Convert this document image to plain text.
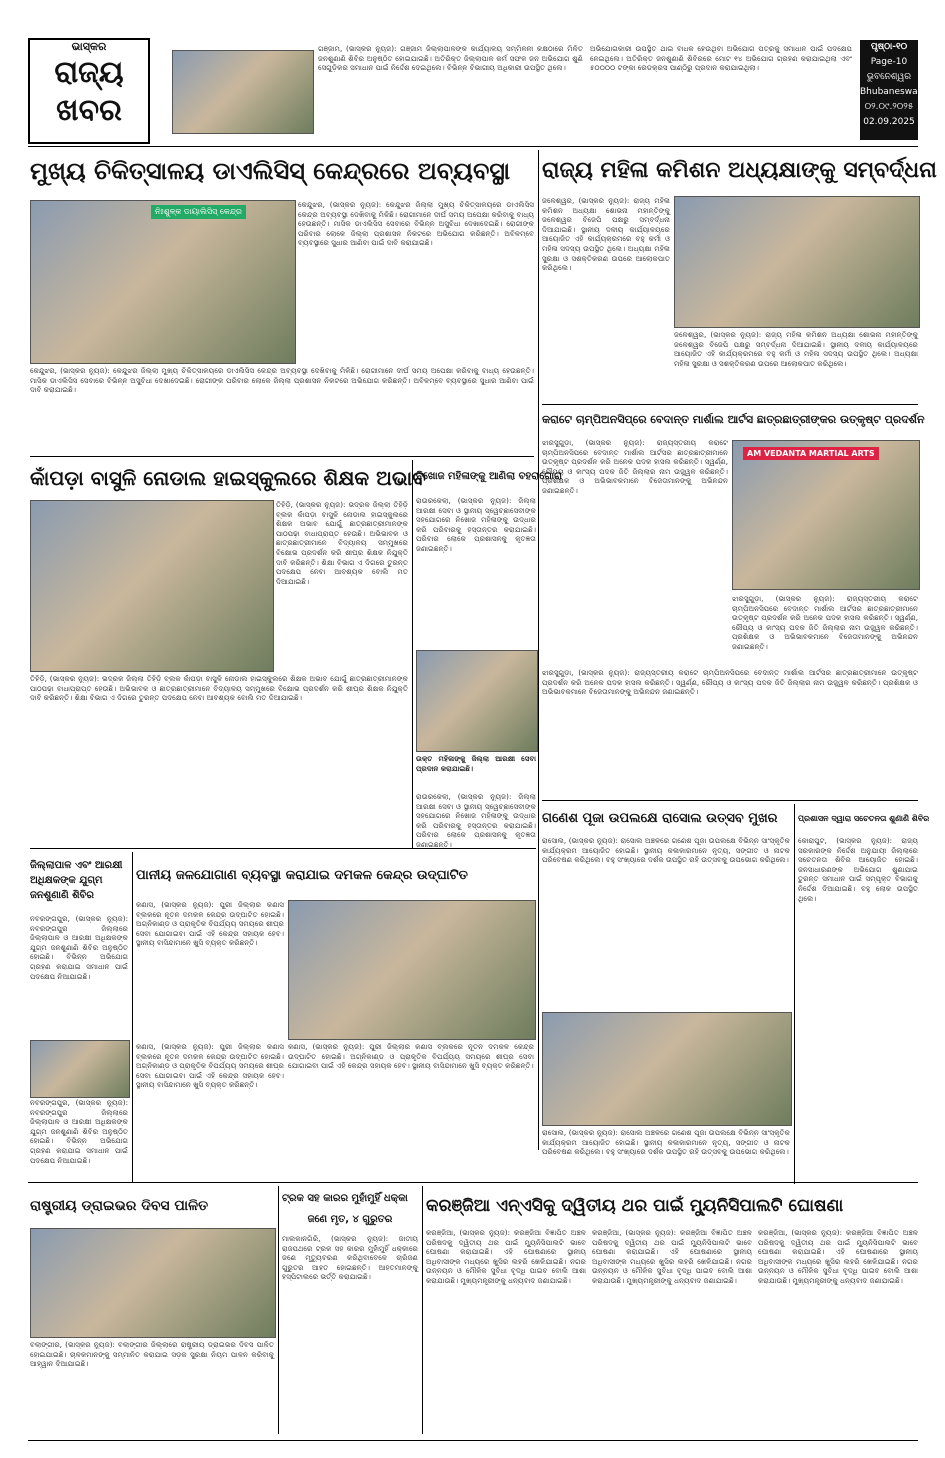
ଭାସ୍କର
ରାଜ୍ୟ
ଖବର
ଗଞ୍ଜାମ, (ଭାସ୍କର ନ୍ୟୁଜ): ଗଞ୍ଜାମ ଜିଲ୍ଲାପାଳଙ୍କ କାର୍ଯ୍ୟାଳୟ ସମ୍ମିଳନୀ କକ୍ଷଠାରେ ମିଳିତ ଜନଶୁଣାଣି ଶିବିର ଅନୁଷ୍ଠିତ ହୋଇଯାଇଛି। ଅତିରିକ୍ତ ଜିଲ୍ଲାପାଳ କର୍ମ ସଫଳ ଜନ ଅଭିଯୋଗ ଶୁଣି ସେଗୁଡ଼ିକର ସମାଧାନ ପାଇଁ ନିର୍ଦ୍ଦେଶ ଦେଇଥିଲେ। ବିଭିନ୍ନ ବିଭାଗୀୟ ଅଧିକାରୀ ଉପସ୍ଥିତ ଥିଲେ।
ଅଭିଯୋଗକାରୀ ଉପସ୍ଥିତ ଥାଇ ବାଧକ ହେଉଥିବା ଅଭିଯୋଗ ପତ୍ରକୁ ସମାଧାନ ପାଇଁ ପଦକ୍ଷେପ ନେଇଥିଲେ। ଅତିରିକ୍ତ ଜନଶୁଣାଣି ଶିବିରରେ ମୋଟ ୧୪ ଅଭିଯୋଗ ଗ୍ରହଣ କରାଯାଇଥିଲା ଏବଂ ୫୦୦୦୦ ଟଙ୍କା ରେଡକ୍ରସ ପାଣ୍ଠିରୁ ପ୍ରଦାନ କରାଯାଇଥିଲା।
ପୃଷ୍ଠା-୧୦
Page-10
ଭୁବନେଶ୍ୱର
Bhubaneswar
୦୨.୦୯.୨୦୨୫
02.09.2025
ମୁଖ୍ୟ ଚିକିତ୍ସାଳୟ ଡାଏଲିସିସ୍ କେନ୍ଦ୍ରରେ ଅବ୍ୟବସ୍ଥା
ନିଃଶୁଳ୍କ ଡାୟାଲିସିସ୍ କେନ୍ଦ୍ର
କେନ୍ଦୁଝର, (ଭାସ୍କର ନ୍ୟୁଜ): କେନ୍ଦୁଝର ଜିଲ୍ଲା ମୁଖ୍ୟ ଚିକିତ୍ସାଳୟରେ ଡାଏଲିସିସ କେନ୍ଦ୍ର ଅବ୍ୟବସ୍ଥା ଦେଖିବାକୁ ମିଳିଛି। ରୋଗୀମାନେ ଦୀର୍ଘ ସମୟ ଅପେକ୍ଷା କରିବାକୁ ବାଧ୍ୟ ହେଉଛନ୍ତି। ମାସିକ ଡାଏଲିସିସ ସେବାରେ ବିଭିନ୍ନ ଅସୁବିଧା ଦେଖାଦେଇଛି। ରୋଗୀଙ୍କ ପରିବାର ଲୋକେ ଜିଲ୍ଲା ପ୍ରଶାସନ ନିକଟରେ ଅଭିଯୋଗ କରିଛନ୍ତି। ଅବିଳମ୍ବେ ବ୍ୟବସ୍ଥାରେ ସୁଧାର ଆଣିବା ପାଇଁ ଦାବି କରାଯାଇଛି।
କେନ୍ଦୁଝର, (ଭାସ୍କର ନ୍ୟୁଜ): କେନ୍ଦୁଝର ଜିଲ୍ଲା ମୁଖ୍ୟ ଚିକିତ୍ସାଳୟରେ ଡାଏଲିସିସ କେନ୍ଦ୍ର ଅବ୍ୟବସ୍ଥା ଦେଖିବାକୁ ମିଳିଛି। ରୋଗୀମାନେ ଦୀର୍ଘ ସମୟ ଅପେକ୍ଷା କରିବାକୁ ବାଧ୍ୟ ହେଉଛନ୍ତି। ମାସିକ ଡାଏଲିସିସ ସେବାରେ ବିଭିନ୍ନ ଅସୁବିଧା ଦେଖାଦେଇଛି। ରୋଗୀଙ୍କ ପରିବାର ଲୋକେ ଜିଲ୍ଲା ପ୍ରଶାସନ ନିକଟରେ ଅଭିଯୋଗ କରିଛନ୍ତି। ଅବିଳମ୍ବେ ବ୍ୟବସ୍ଥାରେ ସୁଧାର ଆଣିବା ପାଇଁ ଦାବି କରାଯାଇଛି।
ରାଜ୍ୟ ମହିଳା କମିଶନ ଅଧ୍ୟକ୍ଷାଙ୍କୁ ସମ୍ବର୍ଦ୍ଧନା
ଜଳେଶ୍ୱର, (ଭାସ୍କର ନ୍ୟୁଜ): ରାଜ୍ୟ ମହିଳା କମିଶନ ଅଧ୍ୟକ୍ଷା ଶୋଭନା ମହାନ୍ତିଙ୍କୁ ଜଳେଶ୍ୱର ବିଜେପି ପକ୍ଷରୁ ସମ୍ବର୍ଦ୍ଧନା ଦିଆଯାଇଛି। ସ୍ଥାନୀୟ ଦଳୀୟ କାର୍ଯ୍ୟାଳୟରେ ଆୟୋଜିତ ଏହି କାର୍ଯ୍ୟକ୍ରମରେ ବହୁ କର୍ମୀ ଓ ମହିଳା ସଦସ୍ୟ ଉପସ୍ଥିତ ଥିଲେ। ଅଧ୍ୟକ୍ଷା ମହିଳା ସୁରକ୍ଷା ଓ ସଶକ୍ତିକରଣ ଉପରେ ଆଲୋକପାତ କରିଥିଲେ।
ଜଳେଶ୍ୱର, (ଭାସ୍କର ନ୍ୟୁଜ): ରାଜ୍ୟ ମହିଳା କମିଶନ ଅଧ୍ୟକ୍ଷା ଶୋଭନା ମହାନ୍ତିଙ୍କୁ ଜଳେଶ୍ୱର ବିଜେପି ପକ୍ଷରୁ ସମ୍ବର୍ଦ୍ଧନା ଦିଆଯାଇଛି। ସ୍ଥାନୀୟ ଦଳୀୟ କାର୍ଯ୍ୟାଳୟରେ ଆୟୋଜିତ ଏହି କାର୍ଯ୍ୟକ୍ରମରେ ବହୁ କର୍ମୀ ଓ ମହିଳା ସଦସ୍ୟ ଉପସ୍ଥିତ ଥିଲେ। ଅଧ୍ୟକ୍ଷା ମହିଳା ସୁରକ୍ଷା ଓ ସଶକ୍ତିକରଣ ଉପରେ ଆଲୋକପାତ କରିଥିଲେ।
କରାଟେ ଚାମ୍ପିଅନସିପ୍‌ରେ ବେଦାନ୍ତ ମାର୍ଶାଲ ଆର୍ଟସ ଛାତ୍ରଛାତ୍ରୀଙ୍କର ଉତ୍କୃଷ୍ଟ ପ୍ରଦର୍ଶନ
ଝାରସୁଗୁଡ଼ା, (ଭାସ୍କର ନ୍ୟୁଜ): ରାଜ୍ୟସ୍ତରୀୟ କରାଟେ ଚାମ୍ପିଅନସିପରେ ବେଦାନ୍ତ ମାର୍ଶାଲ ଆର୍ଟସର ଛାତ୍ରଛାତ୍ରୀମାନେ ଉତ୍କୃଷ୍ଟ ପ୍ରଦର୍ଶନ କରି ଅନେକ ପଦକ ହାସଲ କରିଛନ୍ତି। ସ୍ୱର୍ଣ୍ଣ, ରୌପ୍ୟ ଓ କାଂସ୍ୟ ପଦକ ଜିତି ଜିଲ୍ଲାର ନାମ ଉଜ୍ଜ୍ୱଳ କରିଛନ୍ତି। ପ୍ରଶିକ୍ଷକ ଓ ଅଭିଭାବକମାନେ ବିଜେତାମାନଙ୍କୁ ଅଭିନନ୍ଦନ ଜଣାଇଛନ୍ତି।
AM VEDANTA MARTIAL ARTS
ଝାରସୁଗୁଡ଼ା, (ଭାସ୍କର ନ୍ୟୁଜ): ରାଜ୍ୟସ୍ତରୀୟ କରାଟେ ଚାମ୍ପିଅନସିପରେ ବେଦାନ୍ତ ମାର୍ଶାଲ ଆର୍ଟସର ଛାତ୍ରଛାତ୍ରୀମାନେ ଉତ୍କୃଷ୍ଟ ପ୍ରଦର୍ଶନ କରି ଅନେକ ପଦକ ହାସଲ କରିଛନ୍ତି। ସ୍ୱର୍ଣ୍ଣ, ରୌପ୍ୟ ଓ କାଂସ୍ୟ ପଦକ ଜିତି ଜିଲ୍ଲାର ନାମ ଉଜ୍ଜ୍ୱଳ କରିଛନ୍ତି। ପ୍ରଶିକ୍ଷକ ଓ ଅଭିଭାବକମାନେ ବିଜେତାମାନଙ୍କୁ ଅଭିନନ୍ଦନ ଜଣାଇଛନ୍ତି।
ଝାରସୁଗୁଡ଼ା, (ଭାସ୍କର ନ୍ୟୁଜ): ରାଜ୍ୟସ୍ତରୀୟ କରାଟେ ଚାମ୍ପିଅନସିପରେ ବେଦାନ୍ତ ମାର୍ଶାଲ ଆର୍ଟସର ଛାତ୍ରଛାତ୍ରୀମାନେ ଉତ୍କୃଷ୍ଟ ପ୍ରଦର୍ଶନ କରି ଅନେକ ପଦକ ହାସଲ କରିଛନ୍ତି। ସ୍ୱର୍ଣ୍ଣ, ରୌପ୍ୟ ଓ କାଂସ୍ୟ ପଦକ ଜିତି ଜିଲ୍ଲାର ନାମ ଉଜ୍ଜ୍ୱଳ କରିଛନ୍ତି। ପ୍ରଶିକ୍ଷକ ଓ ଅଭିଭାବକମାନେ ବିଜେତାମାନଙ୍କୁ ଅଭିନନ୍ଦନ ଜଣାଇଛନ୍ତି।
କାଁପଡ଼ା ବାସୁଳି ନୋଡାଲ ହାଇସ୍କୁଲରେ ଶିକ୍ଷକ ଅଭାବ
ତିହିଡ଼ି, (ଭାସ୍କର ନ୍ୟୁଜ): ଭଦ୍ରକ ଜିଲ୍ଲା ତିହିଡ଼ି ବ୍ଲକ କାଁପଡ଼ା ବାସୁଳି ନୋଡାଲ ହାଇସ୍କୁଲରେ ଶିକ୍ଷକ ଅଭାବ ଯୋଗୁଁ ଛାତ୍ରଛାତ୍ରୀମାନଙ୍କ ପାଠପଢ଼ା ବାଧାପ୍ରାପ୍ତ ହେଉଛି। ଅଭିଭାବକ ଓ ଛାତ୍ରଛାତ୍ରୀମାନେ ବିଦ୍ୟାଳୟ ସମ୍ମୁଖରେ ବିକ୍ଷୋଭ ପ୍ରଦର୍ଶନ କରି ଶୀଘ୍ର ଶିକ୍ଷକ ନିଯୁକ୍ତି ଦାବି କରିଛନ୍ତି। ଶିକ୍ଷା ବିଭାଗ ଏ ଦିଗରେ ତୁରନ୍ତ ପଦକ୍ଷେପ ନେବା ଆବଶ୍ୟକ ବୋଲି ମତ ଦିଆଯାଇଛି।
ତିହିଡ଼ି, (ଭାସ୍କର ନ୍ୟୁଜ): ଭଦ୍ରକ ଜିଲ୍ଲା ତିହିଡ଼ି ବ୍ଲକ କାଁପଡ଼ା ବାସୁଳି ନୋଡାଲ ହାଇସ୍କୁଲରେ ଶିକ୍ଷକ ଅଭାବ ଯୋଗୁଁ ଛାତ୍ରଛାତ୍ରୀମାନଙ୍କ ପାଠପଢ଼ା ବାଧାପ୍ରାପ୍ତ ହେଉଛି। ଅଭିଭାବକ ଓ ଛାତ୍ରଛାତ୍ରୀମାନେ ବିଦ୍ୟାଳୟ ସମ୍ମୁଖରେ ବିକ୍ଷୋଭ ପ୍ରଦର୍ଶନ କରି ଶୀଘ୍ର ଶିକ୍ଷକ ନିଯୁକ୍ତି ଦାବି କରିଛନ୍ତି। ଶିକ୍ଷା ବିଭାଗ ଏ ଦିଗରେ ତୁରନ୍ତ ପଦକ୍ଷେପ ନେବା ଆବଶ୍ୟକ ବୋଲି ମତ ଦିଆଯାଇଛି।
ନିଖୋଜ ମହିଳାଙ୍କୁ ଆଣିଲା ବହରାଗୋରା
ରାଉରକେଲା, (ଭାସ୍କର ନ୍ୟୁଜ): ଜିଲ୍ଲା ଆରକ୍ଷୀ ସେବା ଓ ସ୍ଥାନୀୟ ସ୍ୱେଚ୍ଛାସେବୀଙ୍କ ସହଯୋଗରେ ନିଖୋଜ ମହିଳାଙ୍କୁ ଉଦ୍ଧାର କରି ପରିବାରକୁ ହସ୍ତାନ୍ତର କରାଯାଇଛି। ପରିବାର ଲୋକେ ପ୍ରଶାସନକୁ କୃତଜ୍ଞତା ଜଣାଇଛନ୍ତି।
ଉକ୍ତ ମହିଳାଙ୍କୁ ଜିଲ୍ଲା ଆରକ୍ଷୀ ସେବା ପ୍ରଦାନ କରାଯାଇଛି।
ରାଉରକେଲା, (ଭାସ୍କର ନ୍ୟୁଜ): ଜିଲ୍ଲା ଆରକ୍ଷୀ ସେବା ଓ ସ୍ଥାନୀୟ ସ୍ୱେଚ୍ଛାସେବୀଙ୍କ ସହଯୋଗରେ ନିଖୋଜ ମହିଳାଙ୍କୁ ଉଦ୍ଧାର କରି ପରିବାରକୁ ହସ୍ତାନ୍ତର କରାଯାଇଛି। ପରିବାର ଲୋକେ ପ୍ରଶାସନକୁ କୃତଜ୍ଞତା ଜଣାଇଛନ୍ତି।
ଗଣେଶ ପୂଜା ଉପଲକ୍ଷେ ରାସୋଲ ଉତ୍ସବ ମୁଖର
ରାସୋଲ, (ଭାସ୍କର ନ୍ୟୁଜ): ରାସୋଲ ଅଞ୍ଚଳରେ ଗଣେଶ ପୂଜା ଉପଲକ୍ଷେ ବିଭିନ୍ନ ସାଂସ୍କୃତିକ କାର୍ଯ୍ୟକ୍ରମ ଆୟୋଜିତ ହୋଇଛି। ସ୍ଥାନୀୟ କଳାକାରମାନେ ନୃତ୍ୟ, ସଙ୍ଗୀତ ଓ ନାଟକ ପରିବେଷଣ କରିଥିଲେ। ବହୁ ସଂଖ୍ୟାରେ ଦର୍ଶକ ଉପସ୍ଥିତ ରହି ଉତ୍ସବକୁ ଉପଭୋଗ କରିଥିଲେ।
ରାସୋଲ, (ଭାସ୍କର ନ୍ୟୁଜ): ରାସୋଲ ଅଞ୍ଚଳରେ ଗଣେଶ ପୂଜା ଉପଲକ୍ଷେ ବିଭିନ୍ନ ସାଂସ୍କୃତିକ କାର୍ଯ୍ୟକ୍ରମ ଆୟୋଜିତ ହୋଇଛି। ସ୍ଥାନୀୟ କଳାକାରମାନେ ନୃତ୍ୟ, ସଙ୍ଗୀତ ଓ ନାଟକ ପରିବେଷଣ କରିଥିଲେ। ବହୁ ସଂଖ୍ୟାରେ ଦର୍ଶକ ଉପସ୍ଥିତ ରହି ଉତ୍ସବକୁ ଉପଭୋଗ କରିଥିଲେ।
ପ୍ରଶାସନ ଦ୍ୱାରା ସଚେତନତା ଶୁଣାଣି ଶିବିର
କୋରାପୁଟ, (ଭାସ୍କର ନ୍ୟୁଜ): ରାଜ୍ୟ ସରକାରଙ୍କ ନିର୍ଦ୍ଦେଶ ଅନୁଯାୟୀ ଜିଲ୍ଲାରେ ସଚେତନତା ଶିବିର ଆୟୋଜିତ ହୋଇଛି। ଜନସାଧାରଣଙ୍କ ଅଭିଯୋଗ ଶୁଣାଯାଇ ତୁରନ୍ତ ସମାଧାନ ପାଇଁ ସମ୍ପୃକ୍ତ ବିଭାଗକୁ ନିର୍ଦ୍ଦେଶ ଦିଆଯାଇଛି। ବହୁ ଲୋକ ଉପସ୍ଥିତ ଥିଲେ।
ଜିଲ୍ଲାପାଳ ଏବଂ ଆରକ୍ଷୀ ଅଧିକ୍ଷକଙ୍କ ଯୁଗ୍ମ ଜନଶୁଣାଣି ଶିବିର
ନବରଙ୍ଗପୁର, (ଭାସ୍କର ନ୍ୟୁଜ): ନବରଙ୍ଗପୁର ଜିଲ୍ଲାରେ ଜିଲ୍ଲାପାଳ ଓ ଆରକ୍ଷୀ ଅଧିକ୍ଷକଙ୍କ ଯୁଗ୍ମ ଜନଶୁଣାଣି ଶିବିର ଅନୁଷ୍ଠିତ ହୋଇଛି। ବିଭିନ୍ନ ଅଭିଯୋଗ ଗ୍ରହଣ କରାଯାଇ ସମାଧାନ ପାଇଁ ପଦକ୍ଷେପ ନିଆଯାଇଛି।
ନବରଙ୍ଗପୁର, (ଭାସ୍କର ନ୍ୟୁଜ): ନବରଙ୍ଗପୁର ଜିଲ୍ଲାରେ ଜିଲ୍ଲାପାଳ ଓ ଆରକ୍ଷୀ ଅଧିକ୍ଷକଙ୍କ ଯୁଗ୍ମ ଜନଶୁଣାଣି ଶିବିର ଅନୁଷ୍ଠିତ ହୋଇଛି। ବିଭିନ୍ନ ଅଭିଯୋଗ ଗ୍ରହଣ କରାଯାଇ ସମାଧାନ ପାଇଁ ପଦକ୍ଷେପ ନିଆଯାଇଛି।
ପାନୀୟ ଜଳଯୋଗାଣ ବ୍ୟବସ୍ଥା କରାଯାଇ ଦମକଳ କେନ୍ଦ୍ର ଉଦ୍‌ଘାଟିତ
କଣାସ, (ଭାସ୍କର ନ୍ୟୁଜ): ପୁରୀ ଜିଲ୍ଲାର କଣାସ ବ୍ଲକରେ ନୂତନ ଦମକଳ କେନ୍ଦ୍ର ଉଦ୍‌ଘାଟିତ ହୋଇଛି। ଅଗ୍ନିକାଣ୍ଡ ଓ ପ୍ରାକୃତିକ ବିପର୍ଯ୍ୟୟ ସମୟରେ ଶୀଘ୍ର ସେବା ଯୋଗାଇବା ପାଇଁ ଏହି କେନ୍ଦ୍ର ସହାୟକ ହେବ। ସ୍ଥାନୀୟ ବାସିନ୍ଦାମାନେ ଖୁସି ବ୍ୟକ୍ତ କରିଛନ୍ତି।
କଣାସ, (ଭାସ୍କର ନ୍ୟୁଜ): ପୁରୀ ଜିଲ୍ଲାର କଣାସ ବ୍ଲକରେ ନୂତନ ଦମକଳ କେନ୍ଦ୍ର ଉଦ୍‌ଘାଟିତ ହୋଇଛି। ଅଗ୍ନିକାଣ୍ଡ ଓ ପ୍ରାକୃତିକ ବିପର୍ଯ୍ୟୟ ସମୟରେ ଶୀଘ୍ର ସେବା ଯୋଗାଇବା ପାଇଁ ଏହି କେନ୍ଦ୍ର ସହାୟକ ହେବ। ସ୍ଥାନୀୟ ବାସିନ୍ଦାମାନେ ଖୁସି ବ୍ୟକ୍ତ କରିଛନ୍ତି।
କଣାସ, (ଭାସ୍କର ନ୍ୟୁଜ): ପୁରୀ ଜିଲ୍ଲାର କଣାସ ବ୍ଲକରେ ନୂତନ ଦମକଳ କେନ୍ଦ୍ର ଉଦ୍‌ଘାଟିତ ହୋଇଛି। ଅଗ୍ନିକାଣ୍ଡ ଓ ପ୍ରାକୃତିକ ବିପର୍ଯ୍ୟୟ ସମୟରେ ଶୀଘ୍ର ସେବା ଯୋଗାଇବା ପାଇଁ ଏହି କେନ୍ଦ୍ର ସହାୟକ ହେବ। ସ୍ଥାନୀୟ ବାସିନ୍ଦାମାନେ ଖୁସି ବ୍ୟକ୍ତ କରିଛନ୍ତି।
ରାଷ୍ଟ୍ରୀୟ ଡ୍ରାଇଭର ଦିବସ ପାଳିତ
ବଲାଙ୍ଗୀର, (ଭାସ୍କର ନ୍ୟୁଜ): ବଲାଙ୍ଗୀର ଜିଲ୍ଲାରେ ରାଷ୍ଟ୍ରୀୟ ଡ୍ରାଇଭର ଦିବସ ପାଳିତ ହୋଇଯାଇଛି। ଚାଳକମାନଙ୍କୁ ସମ୍ମାନିତ କରାଯାଇ ସଡ଼କ ସୁରକ୍ଷା ନିୟମ ପାଳନ କରିବାକୁ ଆହ୍ୱାନ ଦିଆଯାଇଛି।
ଟ୍ରକ ସହ କାରର ମୁହାଁମୁହିଁ ଧକ୍କା
ଜଣେ ମୃତ, ୪ ଗୁରୁତର
ମାଲକାନଗିରି, (ଭାସ୍କର ନ୍ୟୁଜ): ଜାତୀୟ ରାଜପଥରେ ଟ୍ରକ ସହ କାରର ମୁହାଁମୁହିଁ ଧକ୍କାରେ ଜଣେ ମୃତ୍ୟୁବରଣ କରିଥିବାବେଳେ ଚାରିଜଣ ଗୁରୁତର ଆହତ ହୋଇଛନ୍ତି। ଆହତମାନଙ୍କୁ ହସ୍ପିଟାଲରେ ଭର୍ତ୍ତି କରାଯାଇଛି।
କରଞ୍ଜିଆ ଏନ୍‌ଏସିକୁ ଦ୍ୱିତୀୟ ଥର ପାଇଁ ମ୍ୟୁନିସିପାଲଟି ଘୋଷଣା
କରଞ୍ଜିଆ, (ଭାସ୍କର ନ୍ୟୁଜ): କରଞ୍ଜିଆ ବିଜ୍ଞାପିତ ଅଞ୍ଚଳ ପରିଷଦକୁ ଦ୍ୱିତୀୟ ଥର ପାଇଁ ମ୍ୟୁନିସିପାଲଟି ଭାବେ ଘୋଷଣା କରାଯାଇଛି। ଏହି ଘୋଷଣାରେ ସ୍ଥାନୀୟ ଅଧିବାସୀଙ୍କ ମଧ୍ୟରେ ଖୁସିର ଲହରି ଖେଳିଯାଇଛି। ନଗର ଉନ୍ନୟନ ଓ ମୌଳିକ ସୁବିଧା ବୃଦ୍ଧି ପାଇବ ବୋଲି ଆଶା କରାଯାଉଛି। ମୁଖ୍ୟମନ୍ତ୍ରୀଙ୍କୁ ଧନ୍ୟବାଦ ଜଣାଯାଇଛି।
କରଞ୍ଜିଆ, (ଭାସ୍କର ନ୍ୟୁଜ): କରଞ୍ଜିଆ ବିଜ୍ଞାପିତ ଅଞ୍ଚଳ ପରିଷଦକୁ ଦ୍ୱିତୀୟ ଥର ପାଇଁ ମ୍ୟୁନିସିପାଲଟି ଭାବେ ଘୋଷଣା କରାଯାଇଛି। ଏହି ଘୋଷଣାରେ ସ୍ଥାନୀୟ ଅଧିବାସୀଙ୍କ ମଧ୍ୟରେ ଖୁସିର ଲହରି ଖେଳିଯାଇଛି। ନଗର ଉନ୍ନୟନ ଓ ମୌଳିକ ସୁବିଧା ବୃଦ୍ଧି ପାଇବ ବୋଲି ଆଶା କରାଯାଉଛି। ମୁଖ୍ୟମନ୍ତ୍ରୀଙ୍କୁ ଧନ୍ୟବାଦ ଜଣାଯାଇଛି।
କରଞ୍ଜିଆ, (ଭାସ୍କର ନ୍ୟୁଜ): କରଞ୍ଜିଆ ବିଜ୍ଞାପିତ ଅଞ୍ଚଳ ପରିଷଦକୁ ଦ୍ୱିତୀୟ ଥର ପାଇଁ ମ୍ୟୁନିସିପାଲଟି ଭାବେ ଘୋଷଣା କରାଯାଇଛି। ଏହି ଘୋଷଣାରେ ସ୍ଥାନୀୟ ଅଧିବାସୀଙ୍କ ମଧ୍ୟରେ ଖୁସିର ଲହରି ଖେଳିଯାଇଛି। ନଗର ଉନ୍ନୟନ ଓ ମୌଳିକ ସୁବିଧା ବୃଦ୍ଧି ପାଇବ ବୋଲି ଆଶା କରାଯାଉଛି। ମୁଖ୍ୟମନ୍ତ୍ରୀଙ୍କୁ ଧନ୍ୟବାଦ ଜଣାଯାଇଛି।
